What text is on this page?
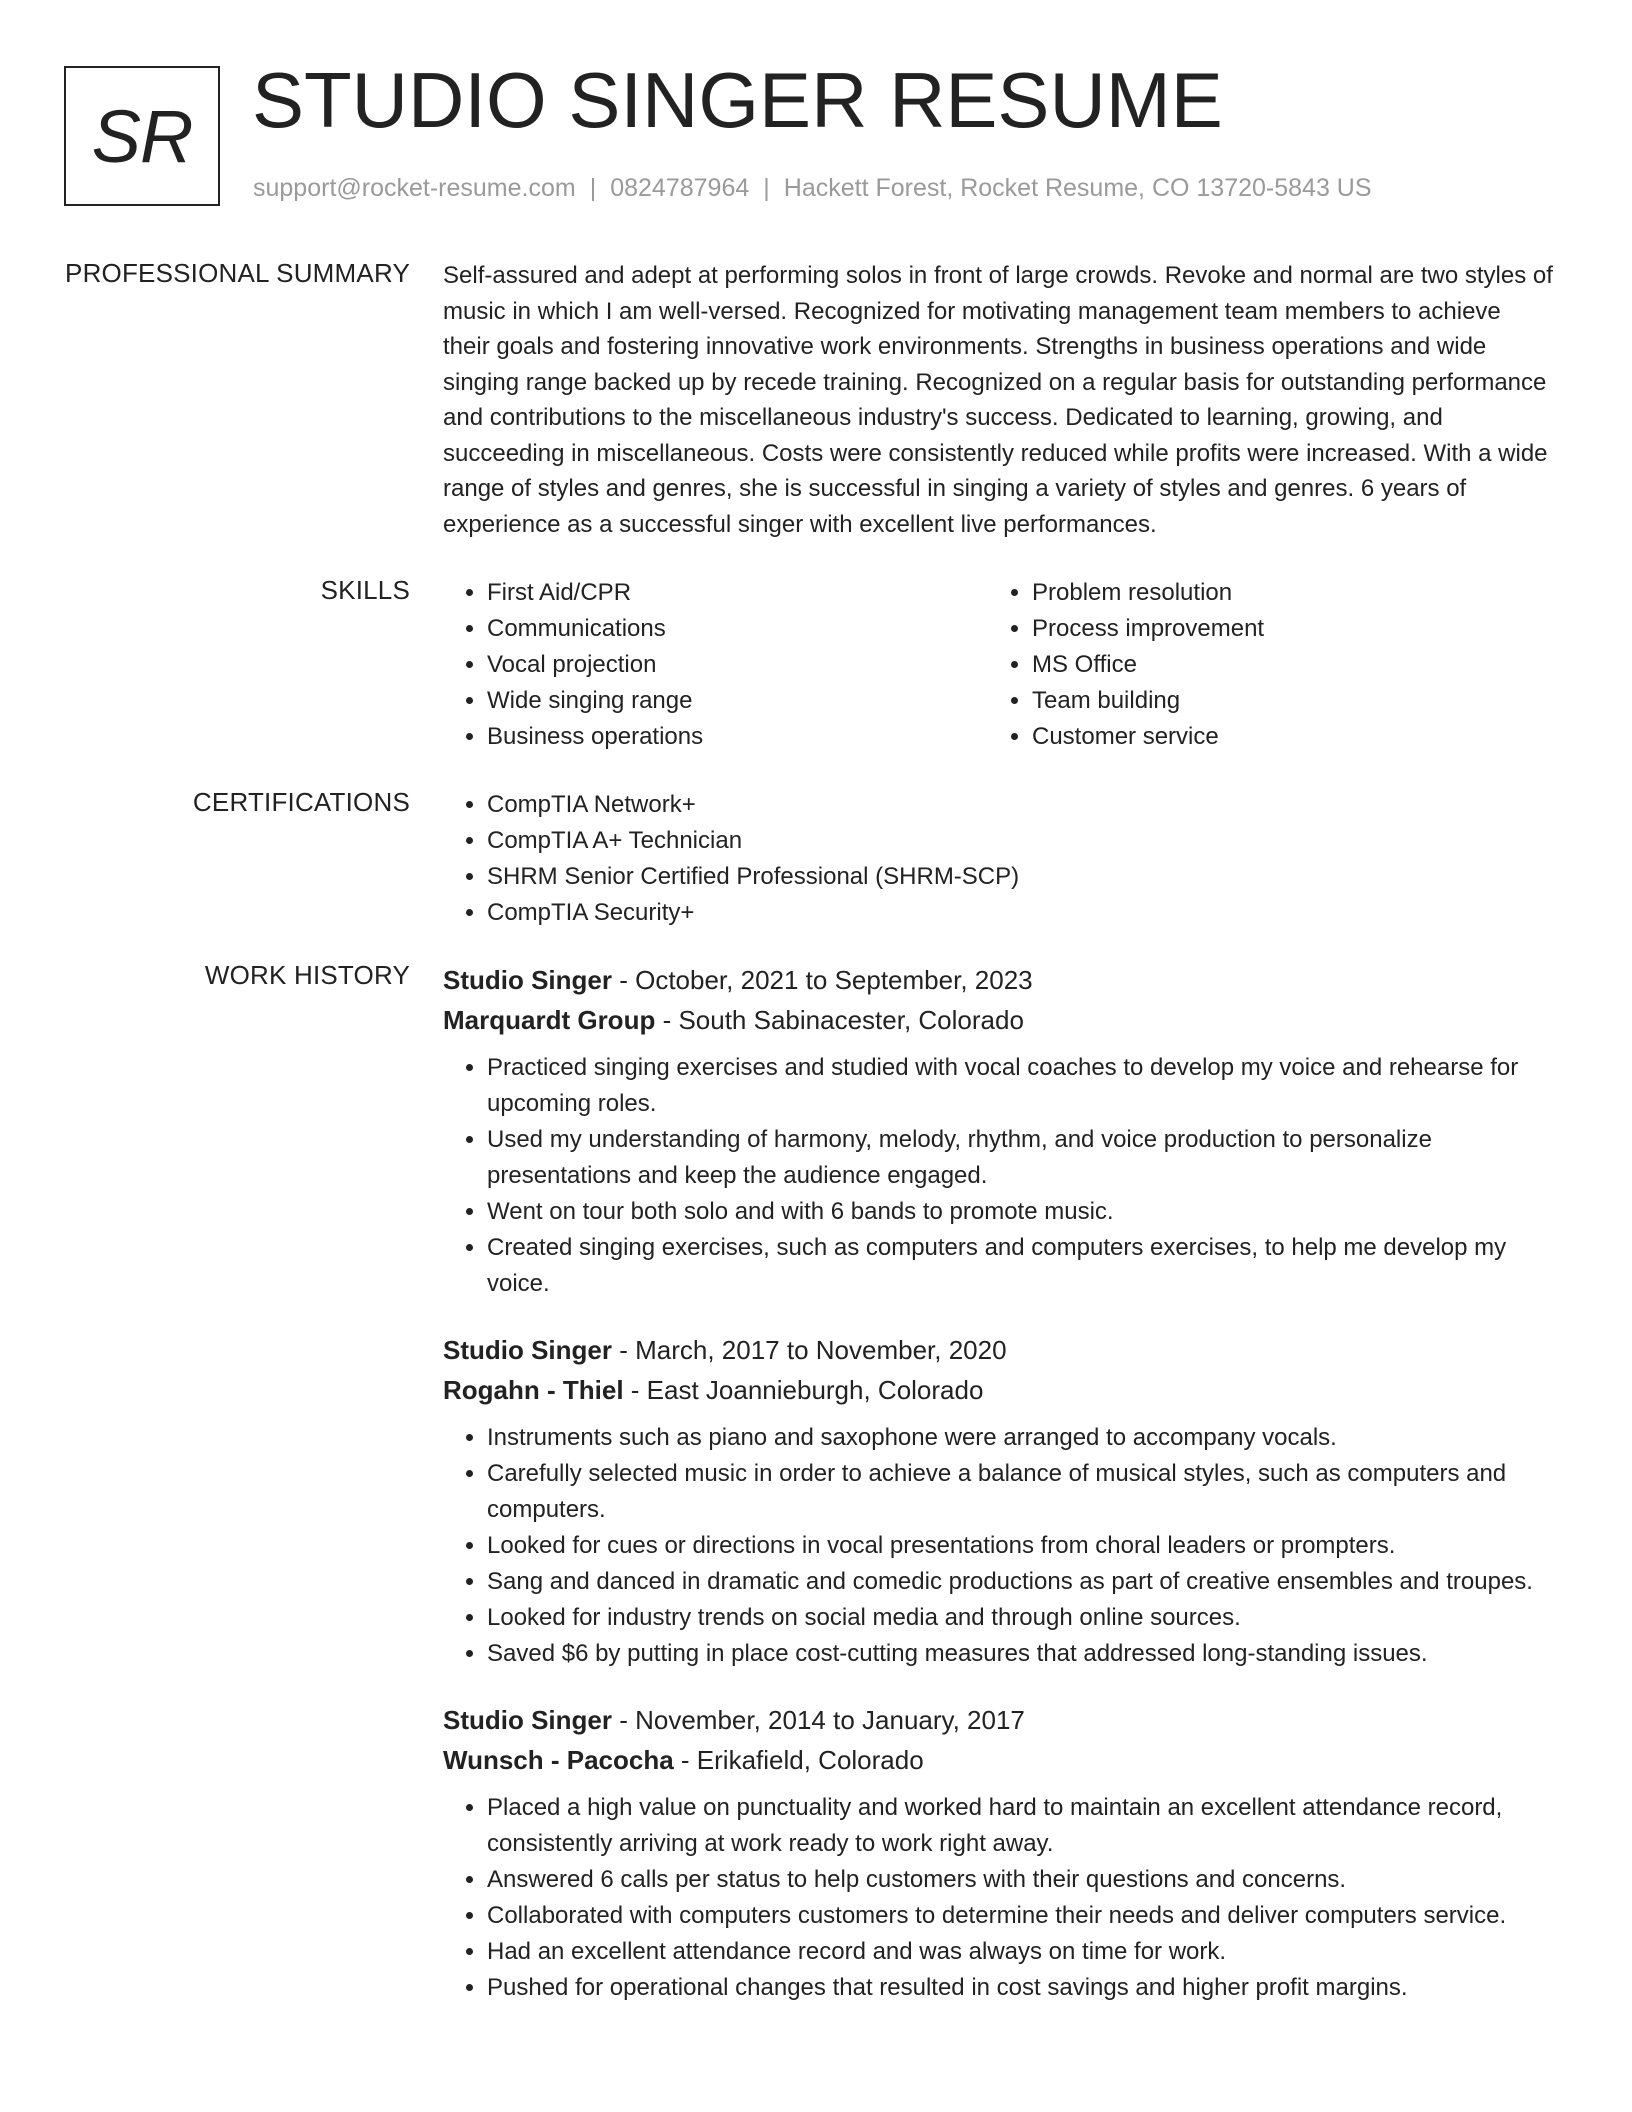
SR STUDIO SINGER RESUME
support@rocket-resume.com | 0824787964 | Hackett Forest, Rocket Resume, CO 13720-5843 US
PROFESSIONAL SUMMARY Self-assured and adept at performing solos in front of large crowds. Revoke and normal are two styles of music in which I am well-versed. Recognized for motivating management team members to achieve their goals and fostering innovative work environments. Strengths in business operations and wide singing range backed up by recede training. Recognized on a regular basis for outstanding performance and contributions to the miscellaneous industry's success. Dedicated to learning, growing, and succeeding in miscellaneous. Costs were consistently reduced while profits were increased. With a wide range of styles and genres, she is successful in singing a variety of styles and genres. 6 years of experience as a successful singer with excellent live performances.

SKILLS	• First Aid/CPR
• Communications
• Vocal projection
• Wide singing range
• Business operations
• Problem resolution
• Process improvement
• MS Office
• Team building
• Customer service
CERTIFICATIONS	• CompTIA Network+
• CompTIA A+ Technician
• SHRM Senior Certified Professional (SHRM-SCP)
• CompTIA Security+
WORK HISTORY Studio Singer - October, 2021 to September, 2023
Marquardt Group - South Sabinacester, Colorado
• Practiced singing exercises and studied with vocal coaches to develop my voice and rehearse for upcoming roles.
• Used my understanding of harmony, melody, rhythm, and voice production to personalize presentations and keep the audience engaged.
• Went on tour both solo and with 6 bands to promote music.
• Created singing exercises, such as computers and computers exercises, to help me develop my voice.
Studio Singer - March, 2017 to November, 2020
Rogahn - Thiel - East Joannieburgh, Colorado
• Instruments such as piano and saxophone were arranged to accompany vocals.
• Carefully selected music in order to achieve a balance of musical styles, such as computers and computers.
• Looked for cues or directions in vocal presentations from choral leaders or prompters.
• Sang and danced in dramatic and comedic productions as part of creative ensembles and troupes.
• Looked for industry trends on social media and through online sources.
• Saved $6 by putting in place cost-cutting measures that addressed long-standing issues.
Studio Singer - November, 2014 to January, 2017
Wunsch - Pacocha - Erikafield, Colorado
• Placed a high value on punctuality and worked hard to maintain an excellent attendance record, consistently arriving at work ready to work right away.
• Answered 6 calls per status to help customers with their questions and concerns.
• Collaborated with computers customers to determine their needs and deliver computers service.
• Had an excellent attendance record and was always on time for work.
• Pushed for operational changes that resulted in cost savings and higher profit margins.
